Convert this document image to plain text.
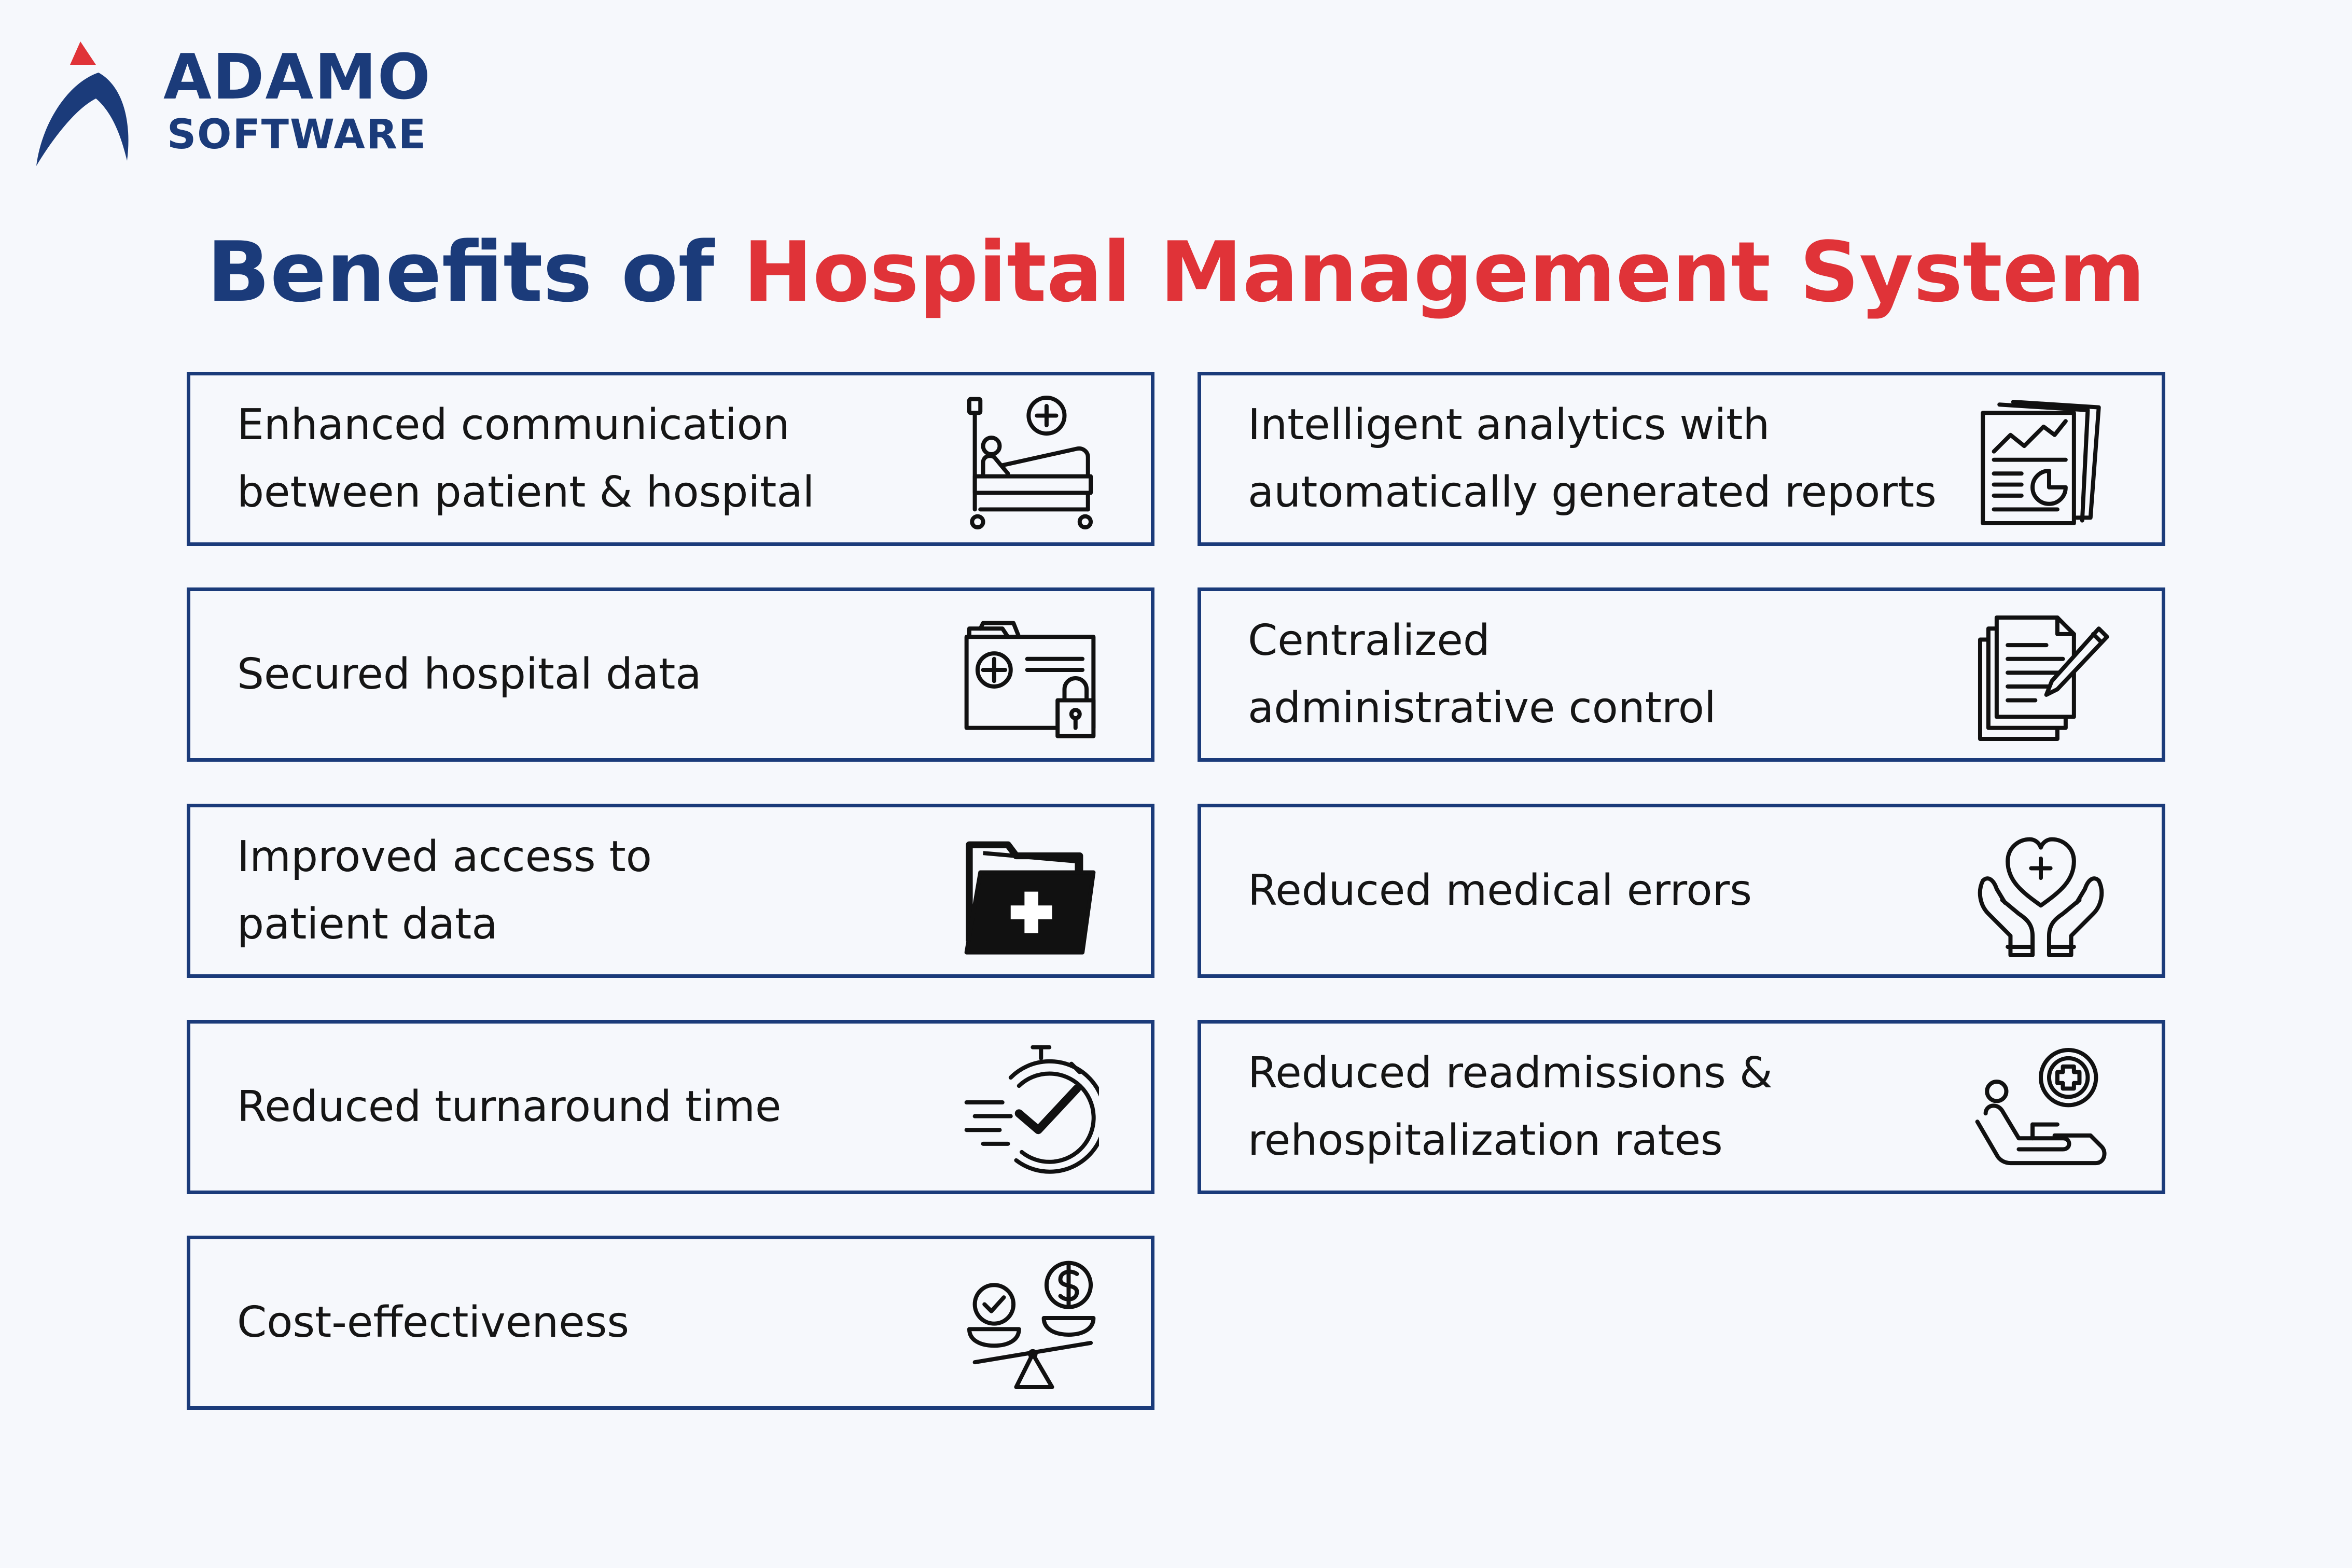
ADAMO
SOFTWARE
Benefits of Hospital Management System
Enhanced communication
between patient & hospital
Intelligent analytics with
automatically generated reports
Secured hospital data
Centralized
administrative control
Improved access to
patient data
Reduced medical errors
Reduced turnaround time
Reduced readmissions &
rehospitalization rates
Cost-effectiveness
